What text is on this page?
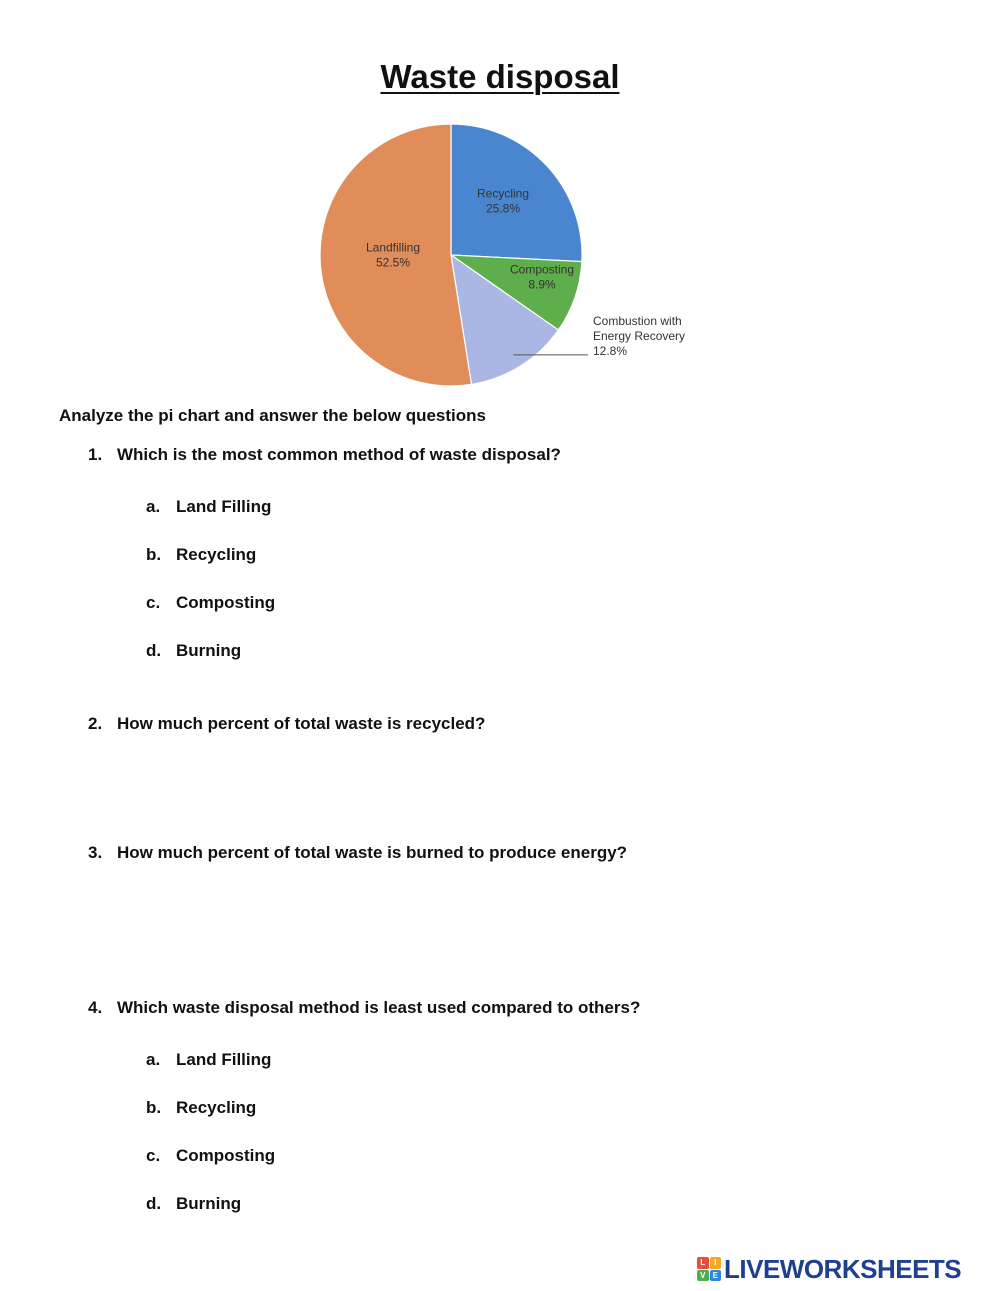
Waste disposal
Recycling
25.8%
Composting
8.9%
Combustion with
Energy Recovery
12.8%
Landfilling
52.5%
Analyze the pi chart and answer the below questions
1. Which is the most common method of waste disposal?
a. Land Filling
b. Recycling
c. Composting
d. Burning
2. How much percent of total waste is recycled?
3. How much percent of total waste is burned to produce energy?
4. Which waste disposal method is least used compared to others?
a. Land Filling
b. Recycling
c. Composting
d. Burning
L	I
V E LIVEWORKSHEETS
